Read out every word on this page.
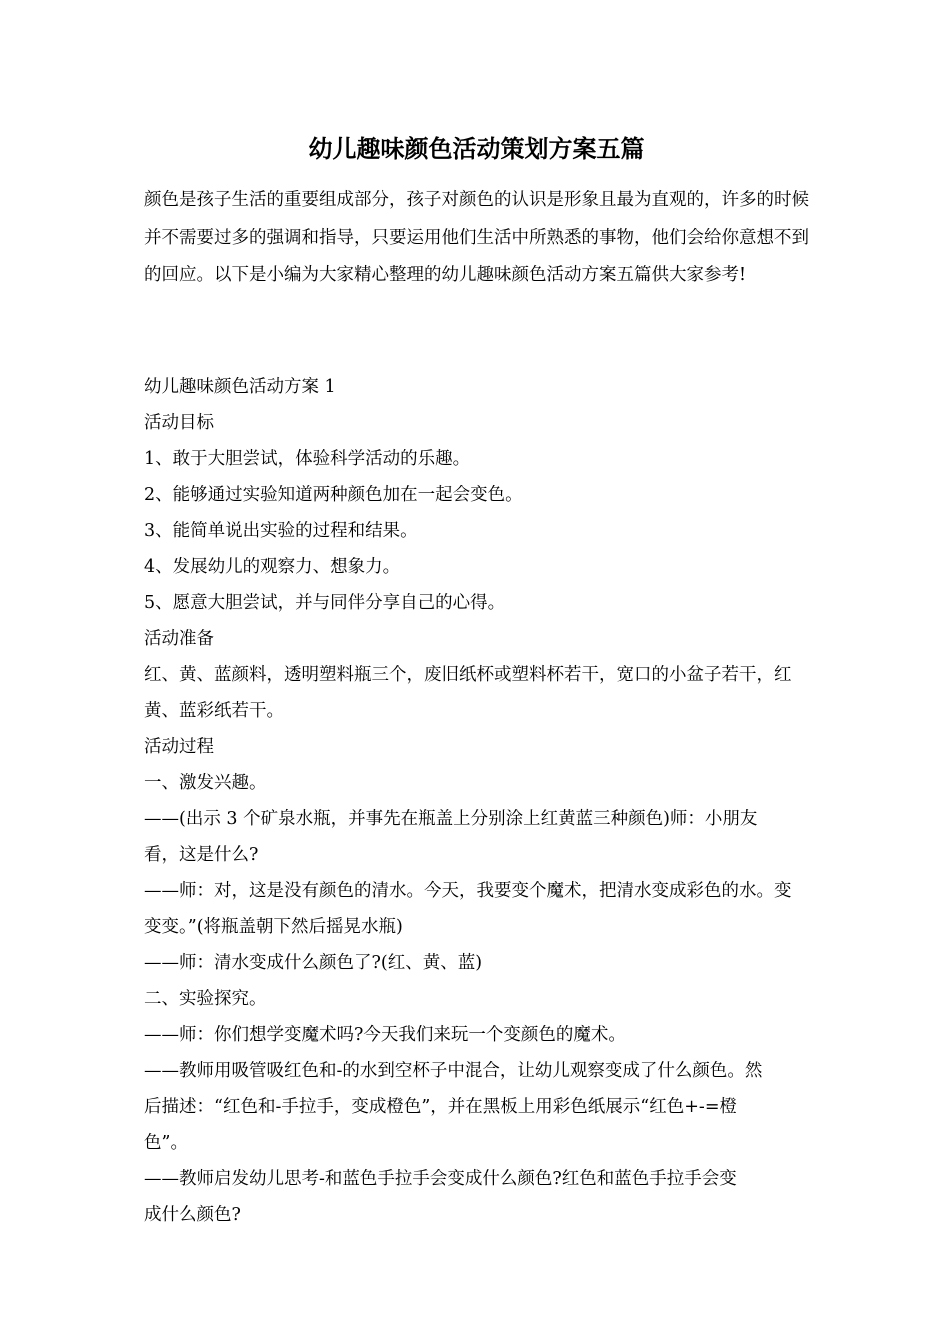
幼儿趣味颜色活动策划方案五篇
颜色是孩子生活的重要组成部分，孩子对颜色的认识是形象且最为直观的，许多的时候并不需要过多的强调和指导，只要运用他们生活中所熟悉的事物，他们会给你意想不到的回应。以下是小编为大家精心整理的幼儿趣味颜色活动方案五篇供大家参考!
幼儿趣味颜色活动方案 1
活动目标
1、敢于大胆尝试，体验科学活动的乐趣。
2、能够通过实验知道两种颜色加在一起会变色。
3、能简单说出实验的过程和结果。
4、发展幼儿的观察力、想象力。
5、愿意大胆尝试，并与同伴分享自己的心得。
活动准备
红、黄、蓝颜料，透明塑料瓶三个，废旧纸杯或塑料杯若干，宽口的小盆子若干，红
黄、蓝彩纸若干。
活动过程
一、激发兴趣。
——(出示 3 个矿泉水瓶，并事先在瓶盖上分别涂上红黄蓝三种颜色)师：小朋友
看，这是什么?
——师：对，这是没有颜色的清水。今天，我要变个魔术，把清水变成彩色的水。变
变变。”(将瓶盖朝下然后摇晃水瓶)
——师：清水变成什么颜色了?(红、黄、蓝)
二、实验探究。
——师：你们想学变魔术吗?今天我们来玩一个变颜色的魔术。
——教师用吸管吸红色和-的水到空杯子中混合，让幼儿观察变成了什么颜色。然
后描述：“红色和-手拉手，变成橙色”，并在黑板上用彩色纸展示“红色+-=橙
色”。
——教师启发幼儿思考-和蓝色手拉手会变成什么颜色?红色和蓝色手拉手会变
成什么颜色?
